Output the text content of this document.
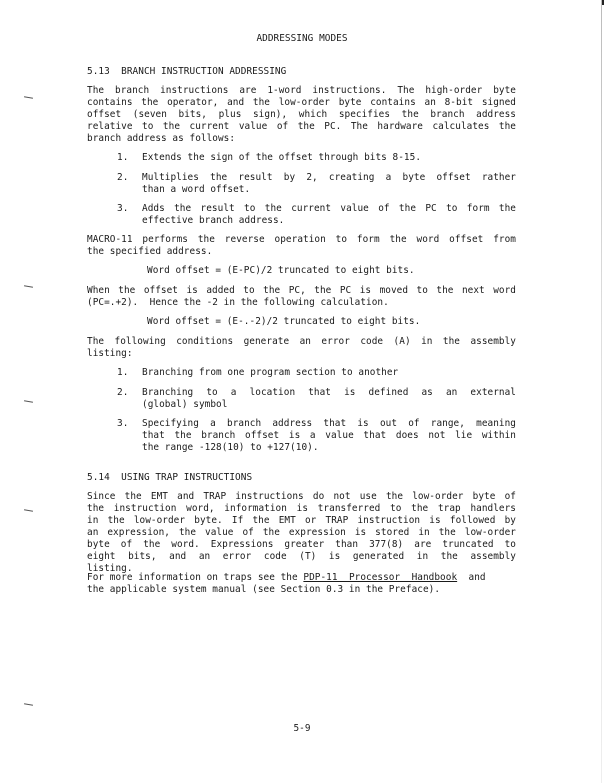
ADDRESSING MODES
5.13  BRANCH INSTRUCTION ADDRESSING
The branch instructions are 1-word instructions. The high-order byte
contains the operator, and the low-order byte contains an 8-bit signed
offset (seven bits, plus sign), which specifies the branch address
relative to the current value of the PC. The hardware calculates the
branch address as follows:
1. Extends the sign of the offset through bits 8-15.
2. Multiplies the result by 2, creating a byte offset rather
than a word offset.
3. Adds the result to the current value of the PC to form the
effective branch address.
MACRO-11 performs the reverse operation to form the word offset from
the specified address.
Word offset = (E-PC)/2 truncated to eight bits.
When the offset is added to the PC, the PC is moved to the next word
(PC=.+2).  Hence the -2 in the following calculation.
Word offset = (E-.-2)/2 truncated to eight bits.
The following conditions generate an error code (A) in the assembly
listing:
1. Branching from one program section to another
2. Branching to a location that is defined as an external
(global) symbol
3. Specifying a branch address that is out of range, meaning
that the branch offset is a value that does not lie within
the range -128(10) to +127(10).
5.14  USING TRAP INSTRUCTIONS
Since the EMT and TRAP instructions do not use the low-order byte of
the instruction word, information is transferred to the trap handlers
in the low-order byte. If the EMT or TRAP instruction is followed by
an expression, the value of the expression is stored in the low-order
byte of the word. Expressions greater than 377(8) are truncated to
eight bits, and an error code (T) is generated in the assembly
listing.
For more information on traps see the PDP-11  Processor  Handbook  and
the applicable system manual (see Section 0.3 in the Preface).
5-9
